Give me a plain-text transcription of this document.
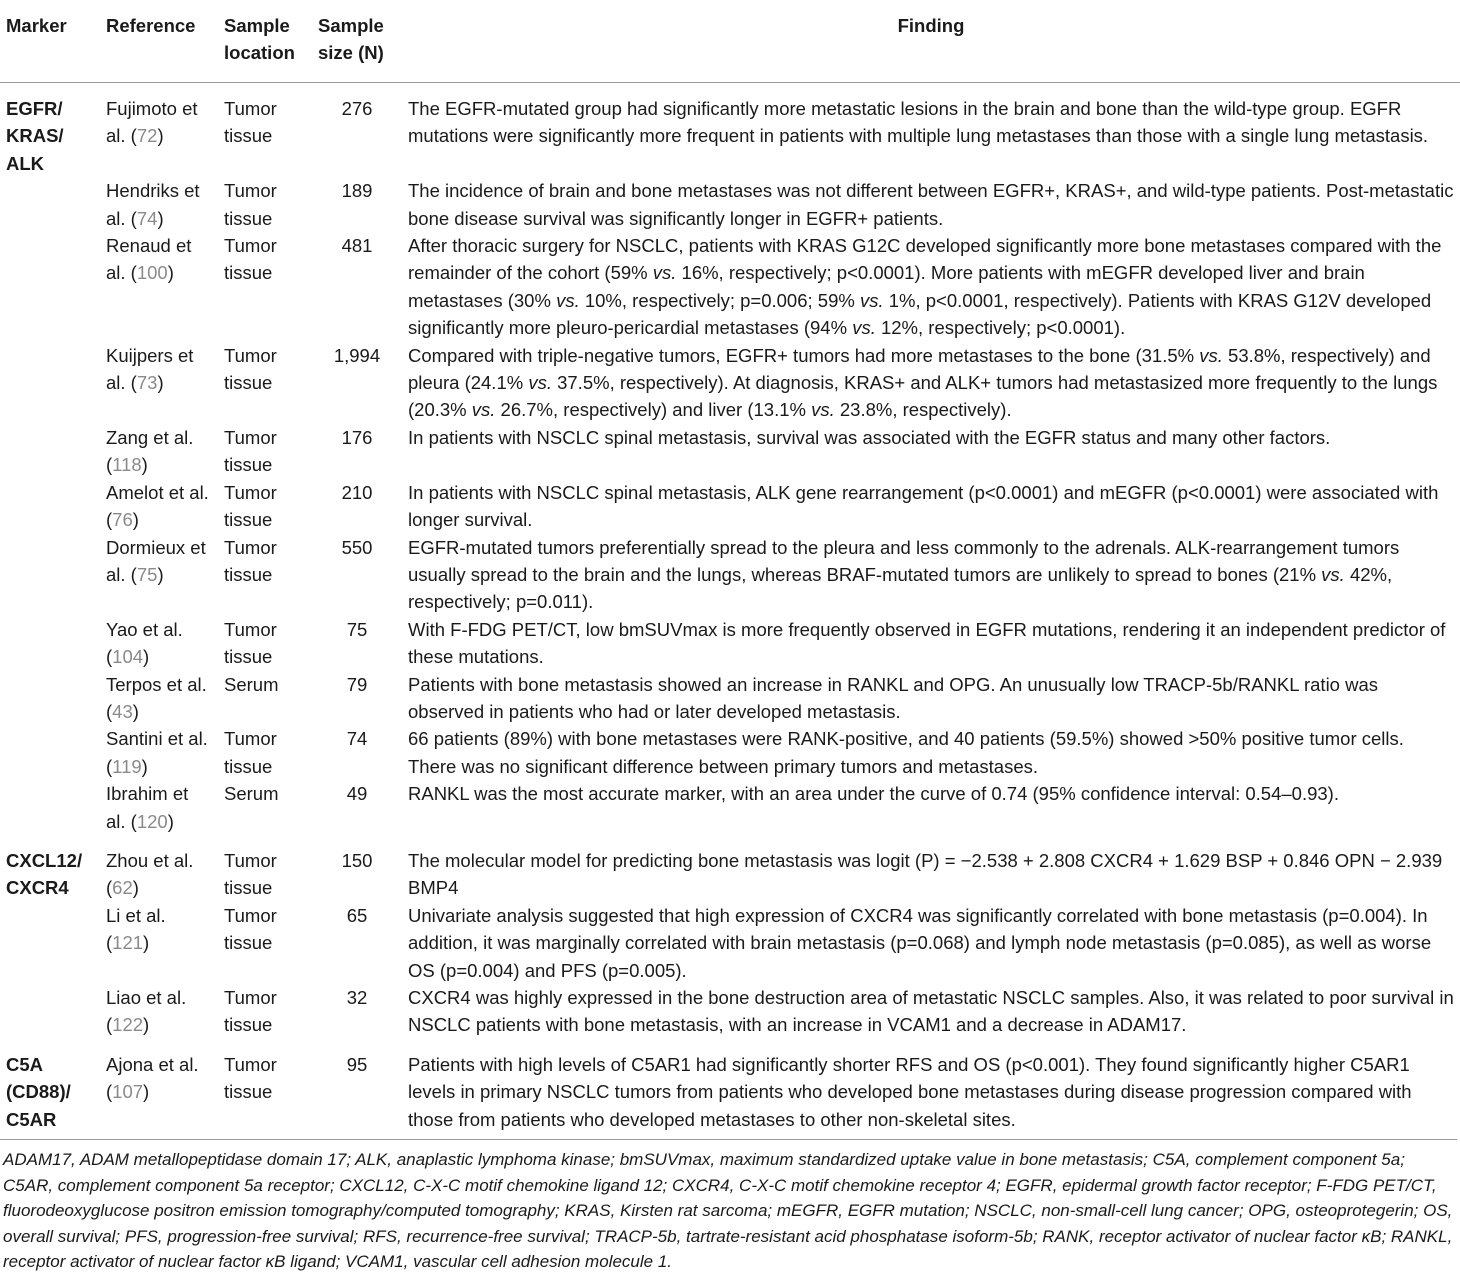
Marker	Reference	Sample location	Sample size (N)	Finding
EGFR/ KRAS/ ALK	Fujimoto et al. (72)	Tumor tissue	276	The EGFR-mutated group had significantly more metastatic lesions in the brain and bone than the wild-type group. EGFR mutations were significantly more frequent in patients with multiple lung metastases than those with a single lung metastasis.
	Hendriks et al. (74)	Tumor tissue	189	The incidence of brain and bone metastases was not different between EGFR+, KRAS+, and wild-type patients. Post-metastatic bone disease survival was significantly longer in EGFR+ patients.
	Renaud et al. (100)	Tumor tissue	481	After thoracic surgery for NSCLC, patients with KRAS G12C developed significantly more bone metastases compared with the remainder of the cohort (59% vs. 16%, respectively; p<0.0001). More patients with mEGFR developed liver and brain metastases (30% vs. 10%, respectively; p=0.006; 59% vs. 1%, p<0.0001, respectively). Patients with KRAS G12V developed significantly more pleuro-pericardial metastases (94% vs. 12%, respectively; p<0.0001).
	Kuijpers et al. (73)	Tumor tissue	1,994	Compared with triple-negative tumors, EGFR+ tumors had more metastases to the bone (31.5% vs. 53.8%, respectively) and pleura (24.1% vs. 37.5%, respectively). At diagnosis, KRAS+ and ALK+ tumors had metastasized more frequently to the lungs (20.3% vs. 26.7%, respectively) and liver (13.1% vs. 23.8%, respectively).
	Zang et al. (118)	Tumor tissue	176	In patients with NSCLC spinal metastasis, survival was associated with the EGFR status and many other factors.
	Amelot et al. (76)	Tumor tissue	210	In patients with NSCLC spinal metastasis, ALK gene rearrangement (p<0.0001) and mEGFR (p<0.0001) were associated with longer survival.
	Dormieux et al. (75)	Tumor tissue	550	EGFR-mutated tumors preferentially spread to the pleura and less commonly to the adrenals. ALK-rearrangement tumors usually spread to the brain and the lungs, whereas BRAF-mutated tumors are unlikely to spread to bones (21% vs. 42%, respectively; p=0.011).
	Yao et al. (104)	Tumor tissue	75	With F-FDG PET/CT, low bmSUVmax is more frequently observed in EGFR mutations, rendering it an independent predictor of these mutations.
	Terpos et al. (43)	Serum	79	Patients with bone metastasis showed an increase in RANKL and OPG. An unusually low TRACP-5b/RANKL ratio was observed in patients who had or later developed metastasis.
	Santini et al. (119)	Tumor tissue	74	66 patients (89%) with bone metastases were RANK-positive, and 40 patients (59.5%) showed >50% positive tumor cells. There was no significant difference between primary tumors and metastases.
	Ibrahim et al. (120)	Serum	49	RANKL was the most accurate marker, with an area under the curve of 0.74 (95% confidence interval: 0.54–0.93).
CXCL12/ CXCR4	Zhou et al. (62)	Tumor tissue	150	The molecular model for predicting bone metastasis was logit (P) = −2.538 + 2.808 CXCR4 + 1.629 BSP + 0.846 OPN − 2.939 BMP4
	Li et al. (121)	Tumor tissue	65	Univariate analysis suggested that high expression of CXCR4 was significantly correlated with bone metastasis (p=0.004). In addition, it was marginally correlated with brain metastasis (p=0.068) and lymph node metastasis (p=0.085), as well as worse OS (p=0.004) and PFS (p=0.005).
	Liao et al. (122)	Tumor tissue	32	CXCR4 was highly expressed in the bone destruction area of metastatic NSCLC samples. Also, it was related to poor survival in NSCLC patients with bone metastasis, with an increase in VCAM1 and a decrease in ADAM17.
C5A (CD88)/ C5AR	Ajona et al. (107)	Tumor tissue	95	Patients with high levels of C5AR1 had significantly shorter RFS and OS (p<0.001). They found significantly higher C5AR1 levels in primary NSCLC tumors from patients who developed bone metastases during disease progression compared with those from patients who developed metastases to other non-skeletal sites.
ADAM17, ADAM metallopeptidase domain 17; ALK, anaplastic lymphoma kinase; bmSUVmax, maximum standardized uptake value in bone metastasis; C5A, complement component 5a; C5AR, complement component 5a receptor; CXCL12, C-X-C motif chemokine ligand 12; CXCR4, C-X-C motif chemokine receptor 4; EGFR, epidermal growth factor receptor; F-FDG PET/CT, fluorodeoxyglucose positron emission tomography/computed tomography; KRAS, Kirsten rat sarcoma; mEGFR, EGFR mutation; NSCLC, non-small-cell lung cancer; OPG, osteoprotegerin; OS, overall survival; PFS, progression-free survival; RFS, recurrence-free survival; TRACP-5b, tartrate-resistant acid phosphatase isoform-5b; RANK, receptor activator of nuclear factor κB; RANKL, receptor activator of nuclear factor κB ligand; VCAM1, vascular cell adhesion molecule 1.
